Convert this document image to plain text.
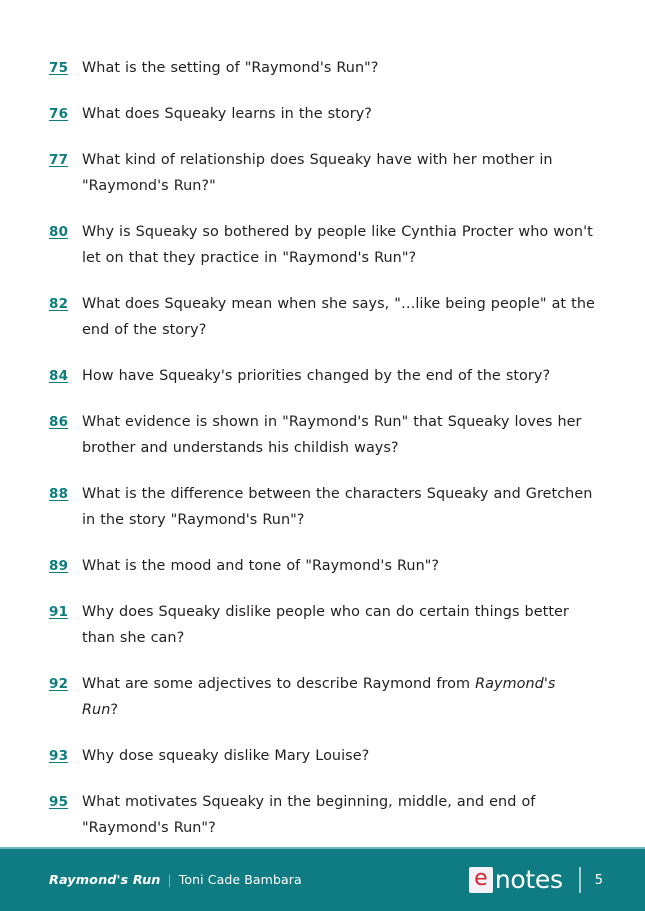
75 What is the setting of "Raymond's Run"?
76 What does Squeaky learns in the story?
77 What kind of relationship does Squeaky have with her mother in "Raymond's Run?"
80 Why is Squeaky so bothered by people like Cynthia Procter who won't let on that they practice in "Raymond's Run"?
82 What does Squeaky mean when she says, "…like being people" at the end of the story?
84 How have Squeaky's priorities changed by the end of the story?
86 What evidence is shown in "Raymond's Run" that Squeaky loves her brother and understands his childish ways?
88 What is the difference between the characters Squeaky and Gretchen in the story "Raymond's Run"?
89 What is the mood and tone of "Raymond's Run"?
91 Why does Squeaky dislike people who can do certain things better than she can?
92 What are some adjectives to describe Raymond from Raymond's Run?
93 Why dose squeaky dislike Mary Louise?
95 What motivates Squeaky in the beginning, middle, and end of "Raymond's Run"?
Raymond's Run | Toni Cade Bambara	e notes 5
